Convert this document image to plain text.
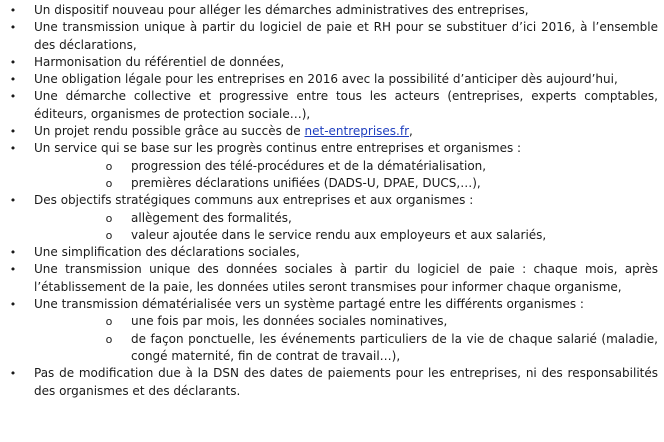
• Un dispositif nouveau pour alléger les démarches administratives des entreprises,
• Une transmission unique à partir du logiciel de paie et RH pour se substituer d’ici 2016, à l’ensemble des déclarations,
• Harmonisation du référentiel de données,
• Une obligation légale pour les entreprises en 2016 avec la possibilité d’anticiper dès aujourd’hui,
• Une démarche collective et progressive entre tous les acteurs (entreprises, experts comptables, éditeurs, organismes de protection sociale…),
• Un projet rendu possible grâce au succès de net-entreprises.fr,
• Un service qui se base sur les progrès continus entre entreprises et organismes :
o progression des télé-procédures et de la dématérialisation,
o premières déclarations unifiées (DADS-U, DPAE, DUCS,…),
• Des objectifs stratégiques communs aux entreprises et aux organismes :
o allègement des formalités,
o valeur ajoutée dans le service rendu aux employeurs et aux salariés,
• Une simplification des déclarations sociales,
• Une transmission unique des données sociales à partir du logiciel de paie : chaque mois, après l’établissement de la paie, les données utiles seront transmises pour informer chaque organisme,
• Une transmission dématérialisée vers un système partagé entre les différents organismes :
o une fois par mois, les données sociales nominatives,
o de façon ponctuelle, les événements particuliers de la vie de chaque salarié (maladie, congé maternité, fin de contrat de travail…),
• Pas de modification due à la DSN des dates de paiements pour les entreprises, ni des responsabilités des organismes et des déclarants.
